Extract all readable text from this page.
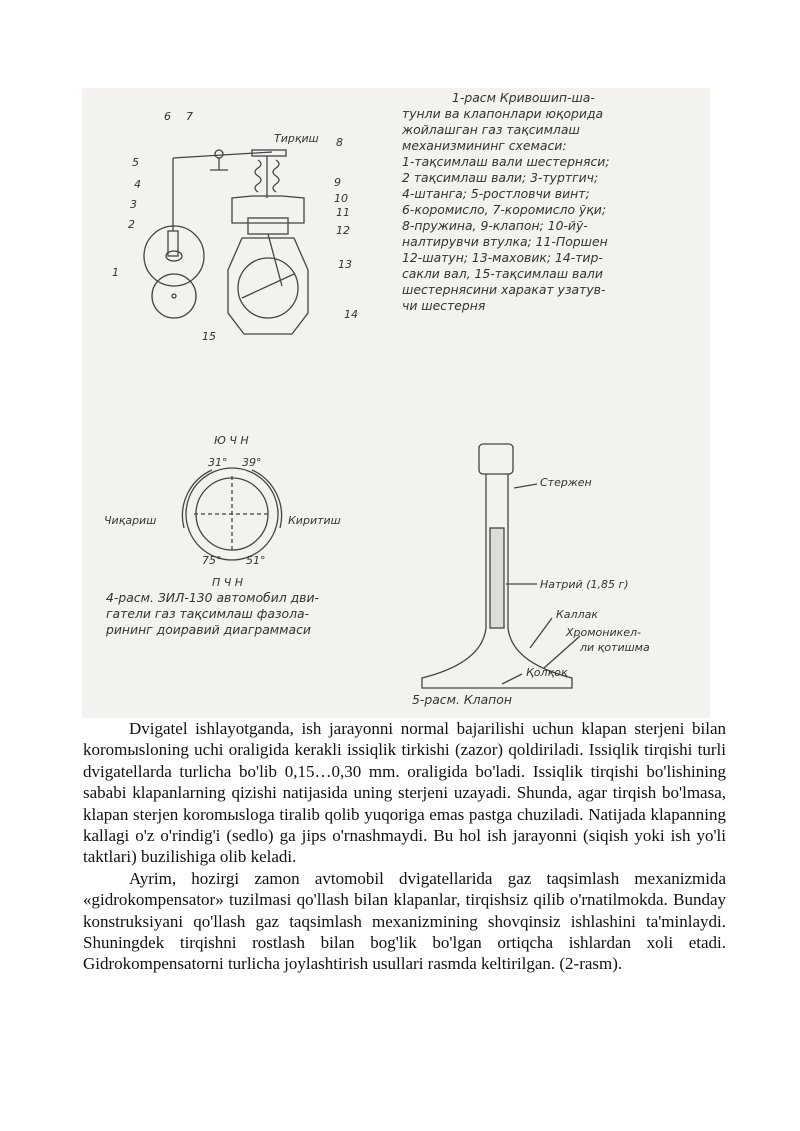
1
2
3
4
5
6 7
8
9
10
11
12
13
14
15
Тирқиш
1-расм Кривошип-ша-
тунли ва клапонлари юқорида
жойлашган газ тақсимлаш
механизмининг схемаси:
1-тақсимлаш вали шестерняси;
2 тақсимлаш вали; 3-туртгич;
4-штанга; 5-ростловчи винт;
6-коромисло, 7-коромисло ўқи;
8-пружина, 9-клапон; 10-йў-
налтирувчи втулка; 11-Поршен
12-шатун; 13-маховик; 14-тир-
сакли вал, 15-тақсимлаш вали
шестернясини харакат узатув-
чи шестерня
Ю Ч Н
П Ч Н
31° 39°
75° 51°
Чиқариш	Киритиш
4-расм. ЗИЛ-130 автомобил дви-
гатели газ тақсимлаш фазола-
рининг доиравий диаграммаси
Стержен
Натрий (1,85 г)
Каллак
Хромоникел-
ли қотишма
Қолқоқ
5-расм. Клапон

Dvigatel ishlayotganda, ish jarayonni normal bajarilishi uchun klapan sterjeni bilan koromыsloning uchi oraligida kerakli issiqlik tirkishi (zazor) qoldiriladi. Issiqlik tirqishi turli dvigatellarda turlicha bo'lib 0,15…0,30 mm. oraligida bo'ladi. Issiqlik tirqishi bo'lishining sababi klapanlarning qizishi natijasida uning sterjeni uzayadi. Shunda, agar tirqish bo'lmasa, klapan sterjen koromыsloga tiralib qolib yuqoriga emas pastga chuziladi. Natijada klapanning kallagi o'z o'rindig'i (sedlo) ga jips o'rnashmaydi. Bu hol ish jarayonni (siqish yoki ish yo'li taktlari) buzilishiga olib keladi.

Ayrim, hozirgi zamon avtomobil dvigatellarida gaz taqsimlash mexanizmida «gidrokompensator» tuzilmasi qo'llash bilan klapanlar, tirqishsiz qilib o'rnatilmokda. Bunday konstruksiyani qo'llash gaz taqsimlash mexanizmining shovqinsiz ishlashini ta'minlaydi. Shuningdek tirqishni rostlash bilan bog'lik bo'lgan ortiqcha ishlardan xoli etadi. Gidrokompensatorni turlicha joylashtirish usullari rasmda keltirilgan. (2-rasm).
